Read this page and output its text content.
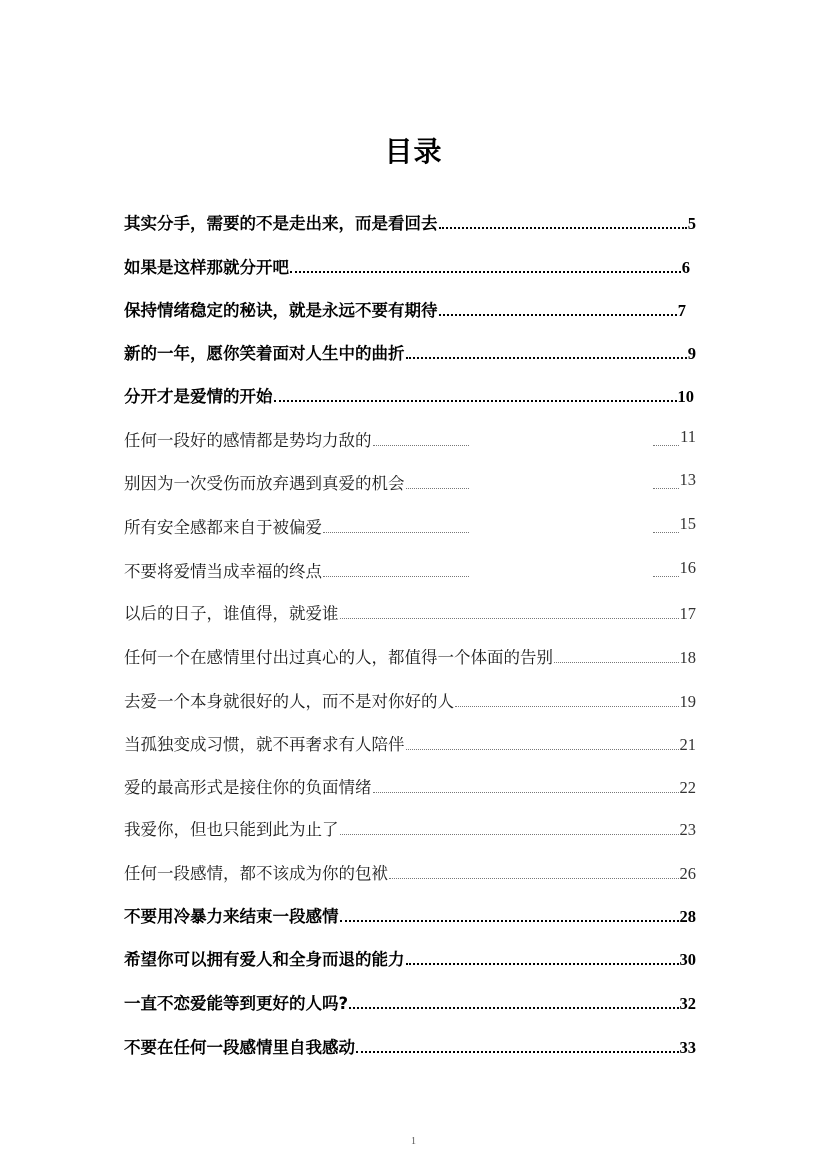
目录
其实分手，需要的不是走出来，而是看回去	5
如果是这样那就分开吧	6
保持情绪稳定的秘诀，就是永远不要有期待	7
新的一年，愿你笑着面对人生中的曲折	9
分开才是爱情的开始	10
任何一段好的感情都是势均力敌的	11
别因为一次受伤而放弃遇到真爱的机会	13
所有安全感都来自于被偏爱	15
不要将爱情当成幸福的终点	16
以后的日子，谁值得，就爱谁	17
任何一个在感情里付出过真心的人，都值得一个体面的告别	18
去爱一个本身就很好的人，而不是对你好的人	19
当孤独变成习惯，就不再奢求有人陪伴	21
爱的最高形式是接住你的负面情绪	22
我爱你，但也只能到此为止了	23
任何一段感情，都不该成为你的包袱	26
不要用冷暴力来结束一段感情	28
希望你可以拥有爱人和全身而退的能力	30
一直不恋爱能等到更好的人吗?	32
不要在任何一段感情里自我感动	33
1
